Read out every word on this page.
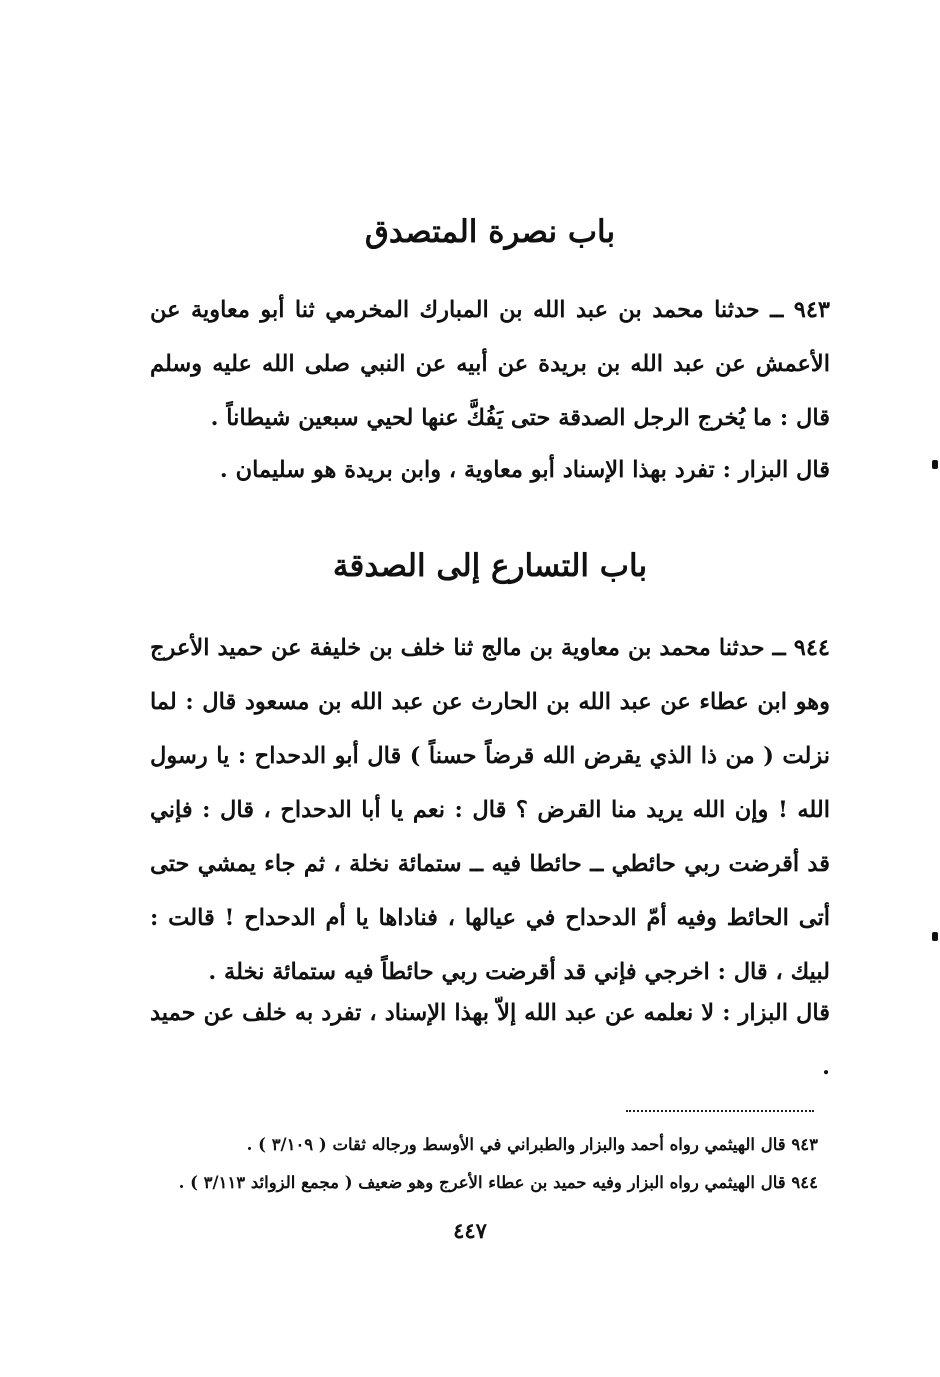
باب نصرة المتصدق
٩٤٣ ــ حدثنا محمد بن عبد الله بن المبارك المخرمي ثنا أبو معاوية عن الأعمش عن عبد الله بن بريدة عن أبيه عن النبي صلى الله عليه وسلم قال : ما يُخرج الرجل الصدقة حتى يَفُكَّ عنها لحيي سبعين شيطاناً .
قال البزار : تفرد بهذا الإسناد أبو معاوية ، وابن بريدة هو سليمان .
باب التسارع إلى الصدقة
٩٤٤ ــ حدثنا محمد بن معاوية بن مالج ثنا خلف بن خليفة عن حميد الأعرج وهو ابن عطاء عن عبد الله بن الحارث عن عبد الله بن مسعود قال : لما نزلت ( من ذا الذي يقرض الله قرضاً حسناً ) قال أبو الدحداح : يا رسول الله ! وإن الله يريد منا القرض ؟ قال : نعم يا أبا الدحداح ، قال : فإني قد أقرضت ربي حائطي ــ حائطا فيه ــ ستمائة نخلة ، ثم جاء يمشي حتى أتى الحائط وفيه أمّ الدحداح في عيالها ، فناداها يا أم الدحداح ! قالت : لبيك ، قال : اخرجي فإني قد أقرضت ربي حائطاً فيه ستمائة نخلة .
قال البزار : لا نعلمه عن عبد الله إلاّ بهذا الإسناد ، تفرد به خلف عن حميد .
٩٤٣ قال الهيثمي رواه أحمد والبزار والطبراني في الأوسط ورجاله ثقات ( ٣/١٠٩ ) .
٩٤٤ قال الهيثمي رواه البزار وفيه حميد بن عطاء الأعرج وهو ضعيف ( مجمع الزوائد ٣/١١٣ ) .
٤٤٧
